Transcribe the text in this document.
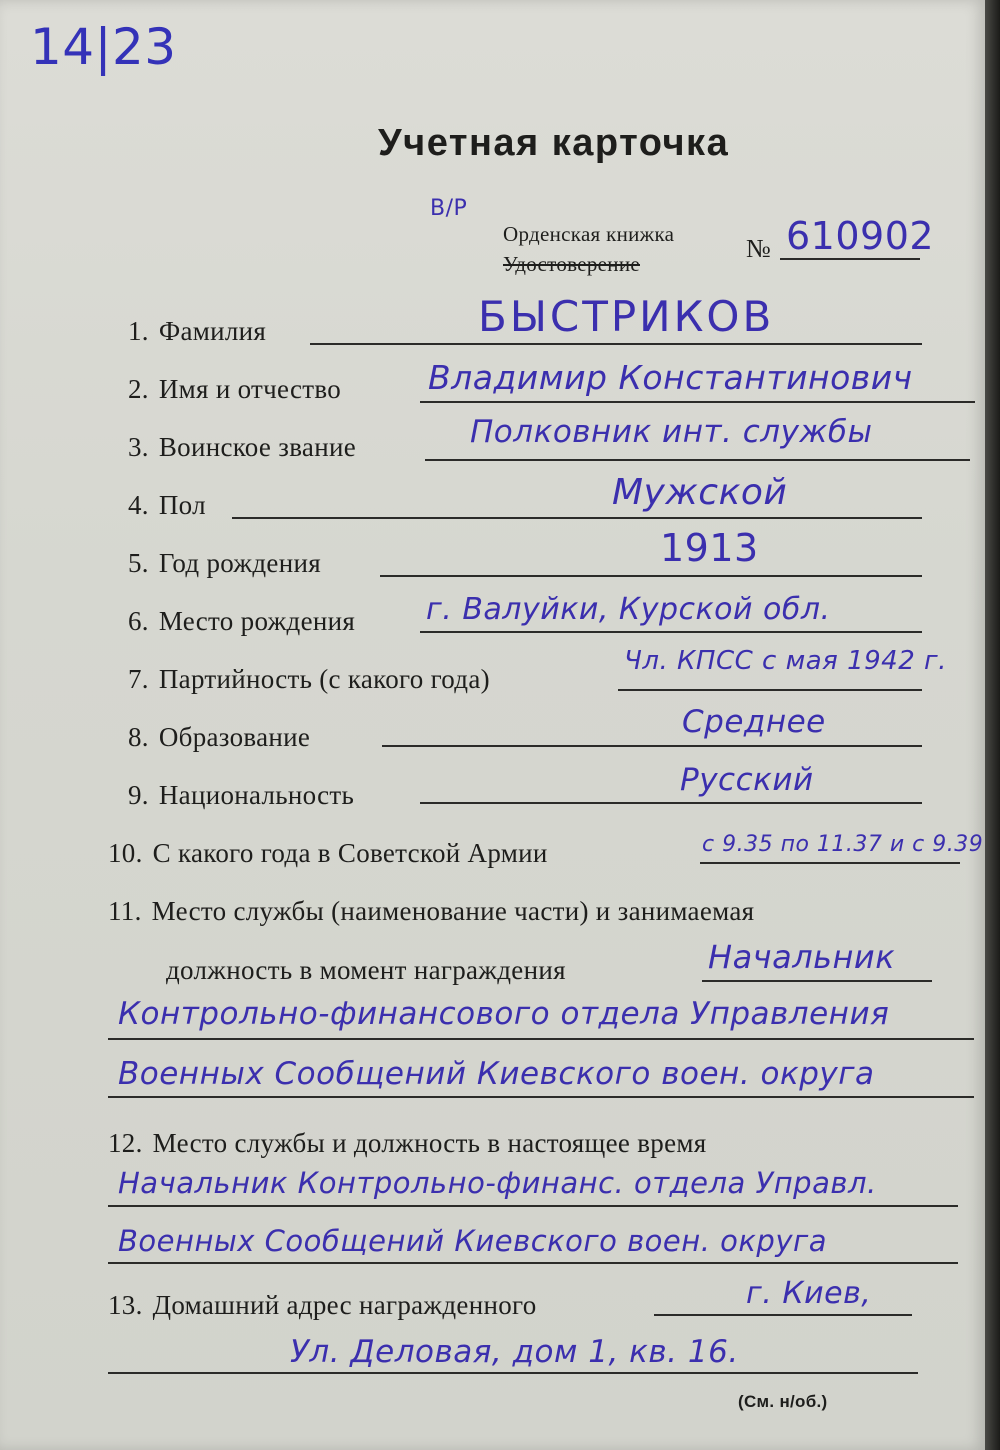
14|23
Учетная карточка
В/Р
Орденская книжка
Удостоверение
№ 610902
1. Фамилия	БЫСТРИКОВ
2. Имя и отчество	Владимир Константинович
3. Воинское звание	Полковник инт. службы
4. Пол	Мужской
5. Год рождения	1913
6. Место рождения г. Валуйки, Курской обл.
7. Партийность (с какого года)
Чл. КПСС с мая 1942 г.
8. Образование	Среднее
9. Национальность	Русский
10. С какого года в Советской Армии	с 9.35 по 11.37 и с 9.39
11. Место службы (наименование части) и занимаемая
должность в момент награждения	Начальник
Контрольно-финансового отдела Управления
Военных Сообщений Киевского воен. округа
12. Место службы и должность в настоящее время
Начальник Контрольно-финанс. отдела Управл.
Военных Сообщений Киевского воен. округа
13. Домашний адрес награжденного	г. Киев,
Ул. Деловая, дом 1, кв. 16.
(См. н/об.)
